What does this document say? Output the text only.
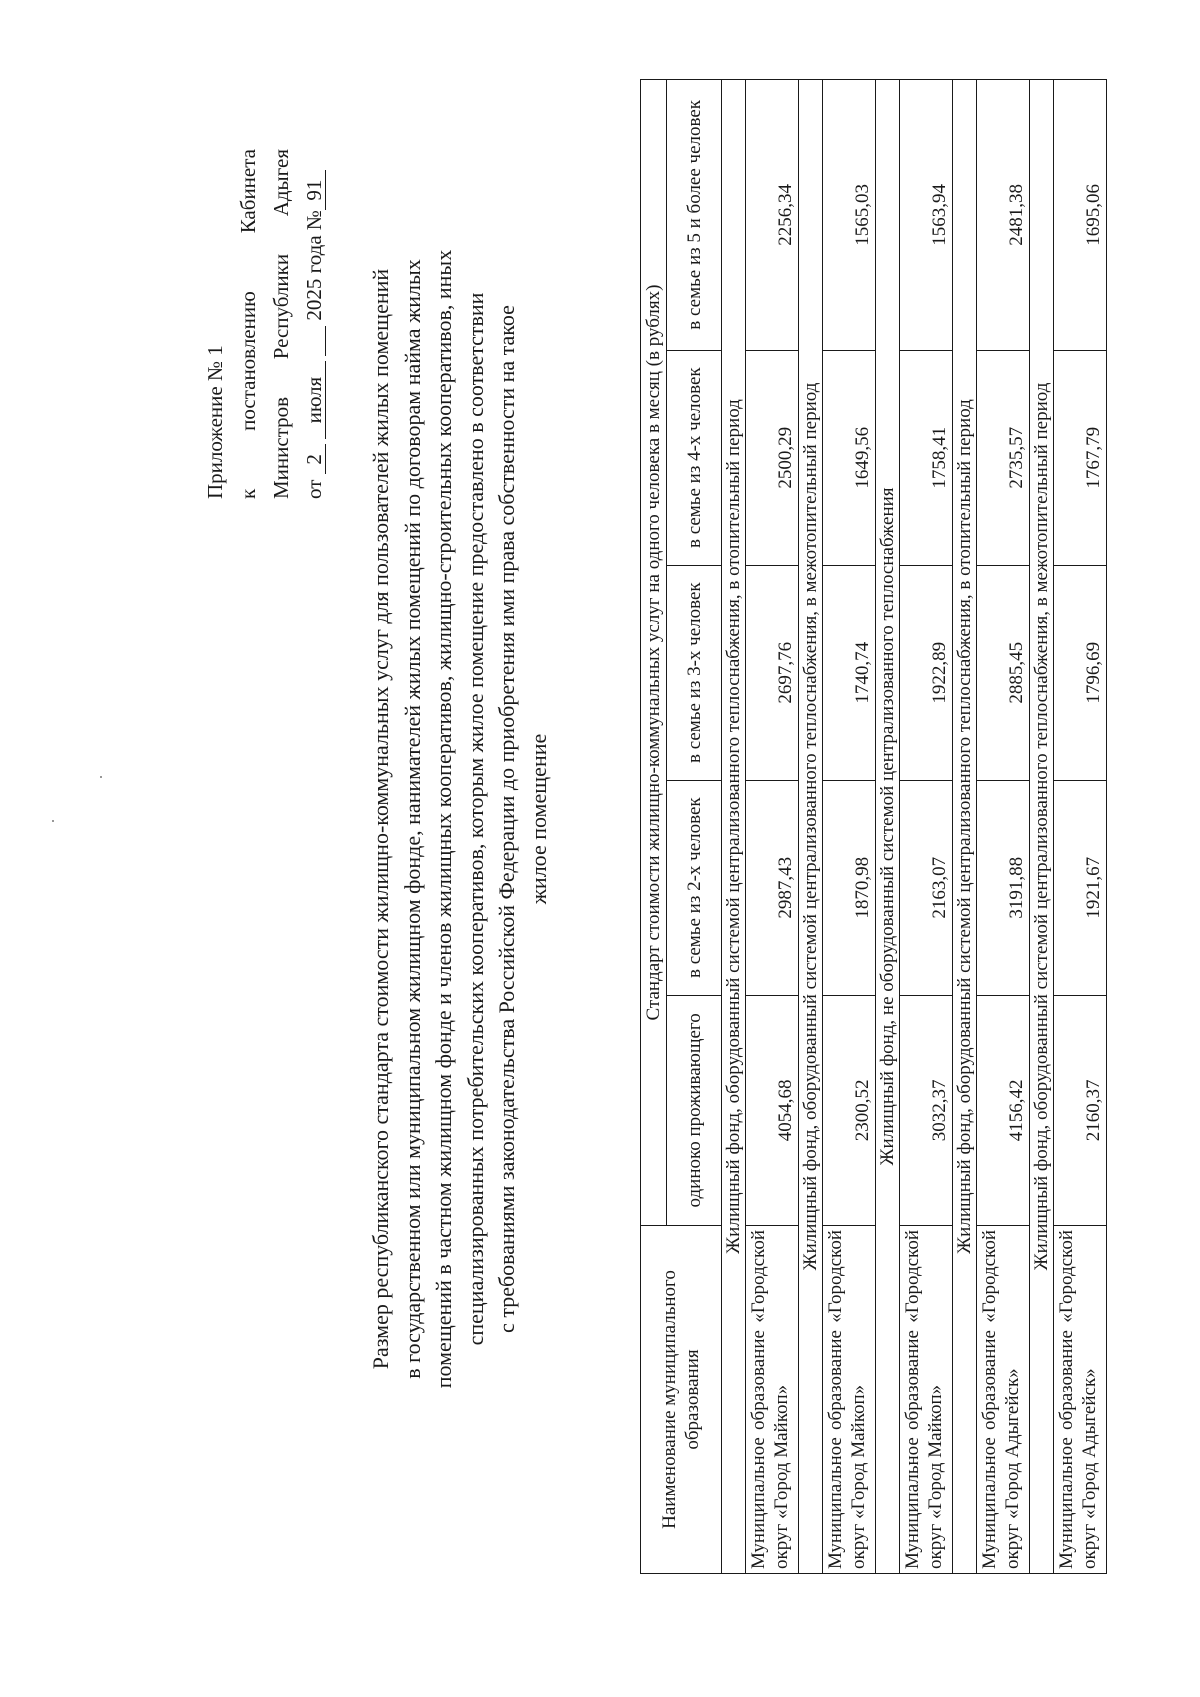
Приложение № 1 к
постановлению
Кабинета
Министров
Республики
Адыгея
от 2 июля   2025 года №91
Размер республиканского стандарта стоимости жилищно-коммунальных услуг для пользователей жилых помещений в государственном или муниципальном жилищном фонде, нанимателей жилых помещений по договорам найма жилых помещений в частном жилищном фонде и членов жилищных кооперативов, жилищно-строительных кооперативов, иных специализированных потребительских кооперативов, которым жилое помещение предоставлено в соответствии с требованиями законодательства Российской Федерации до приобретения ими права собственности на такое жилое помещение
Наименование муниципального образования	Стандарт стоимости жилищно-коммунальных услуг на одного человека в месяц (в рублях)				
	одиноко проживающего	в семье из 2-х человек	в семье из 3-х человек	в семье из 4-х человек	в семье из 5 и более человек
Жилищный фонд, оборудованный системой централизованного теплоснабжения, в отопительный период					
Муниципальное образование «Городской округ «Город Майкоп»	4054,68	2987,43	2697,76	2500,29	2256,34
Жилищный фонд, оборудованный системой централизованного теплоснабжения, в межотопительный период					
Муниципальное образование «Городской округ «Город Майкоп»	2300,52	1870,98	1740,74	1649,56	1565,03
Жилищный фонд, не оборудованный системой централизованного теплоснабжения					
Муниципальное образование «Городской округ «Город Майкоп»	3032,37	2163,07	1922,89	1758,41	1563,94
Жилищный фонд, оборудованный системой централизованного теплоснабжения, в отопительный период					
Муниципальное образование «Городской округ «Город Адыгейск»	4156,42	3191,88	2885,45	2735,57	2481,38
Жилищный фонд, оборудованный системой централизованного теплоснабжения, в межотопительный период					
Муниципальное образование «Городской округ «Город Адыгейск»	2160,37	1921,67	1796,69	1767,79	1695,06
